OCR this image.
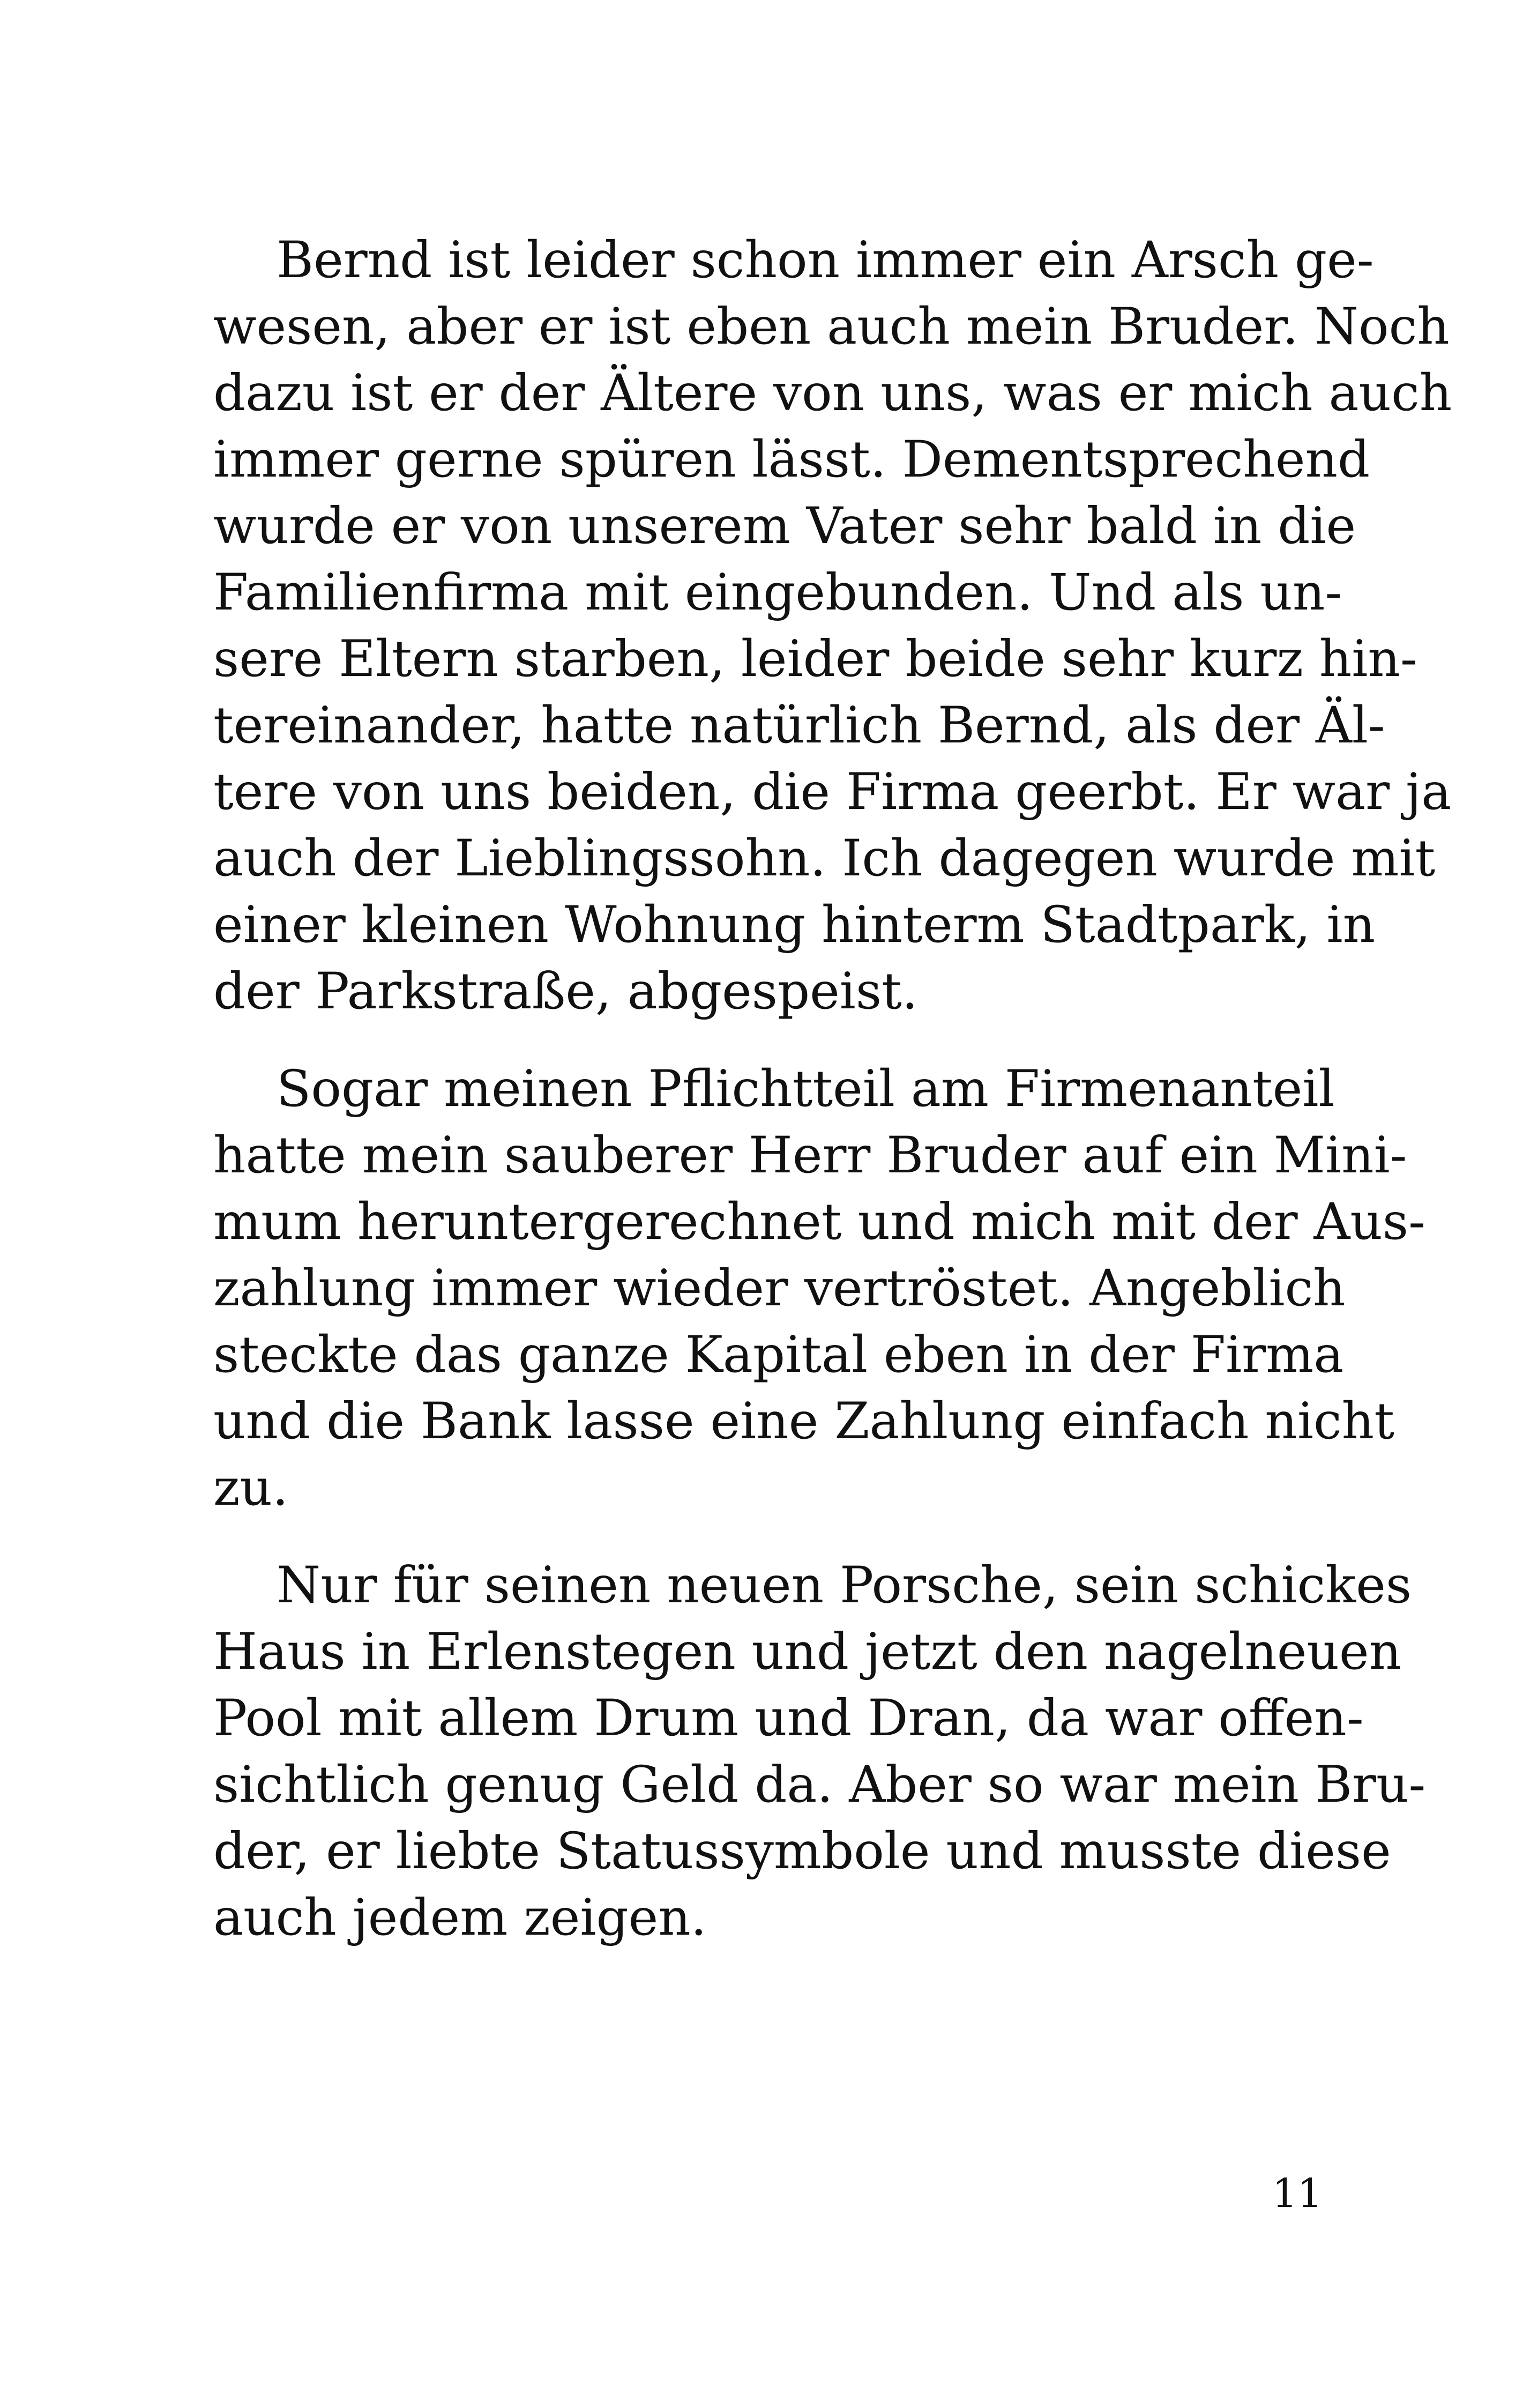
Bernd ist leider schon immer ein Arsch ge-
wesen, aber er ist eben auch mein Bruder. Noch
dazu ist er der Ältere von uns, was er mich auch
immer gerne spüren lässt. Dementsprechend
wurde er von unserem Vater sehr bald in die
Familienfirma mit eingebunden. Und als un-
sere Eltern starben, leider beide sehr kurz hin-
tereinander, hatte natürlich Bernd, als der Äl-
tere von uns beiden, die Firma geerbt. Er war ja
auch der Lieblingssohn. Ich dagegen wurde mit
einer kleinen Wohnung hinterm Stadtpark, in
der Parkstraße, abgespeist.

Sogar meinen Pflichtteil am Firmenanteil
hatte mein sauberer Herr Bruder auf ein Mini-
mum heruntergerechnet und mich mit der Aus-
zahlung immer wieder vertröstet. Angeblich
steckte das ganze Kapital eben in der Firma
und die Bank lasse eine Zahlung einfach nicht
zu.

Nur für seinen neuen Porsche, sein schickes
Haus in Erlenstegen und jetzt den nagelneuen
Pool mit allem Drum und Dran, da war offen-
sichtlich genug Geld da. Aber so war mein Bru-
der, er liebte Statussymbole und musste diese
auch jedem zeigen.

11
